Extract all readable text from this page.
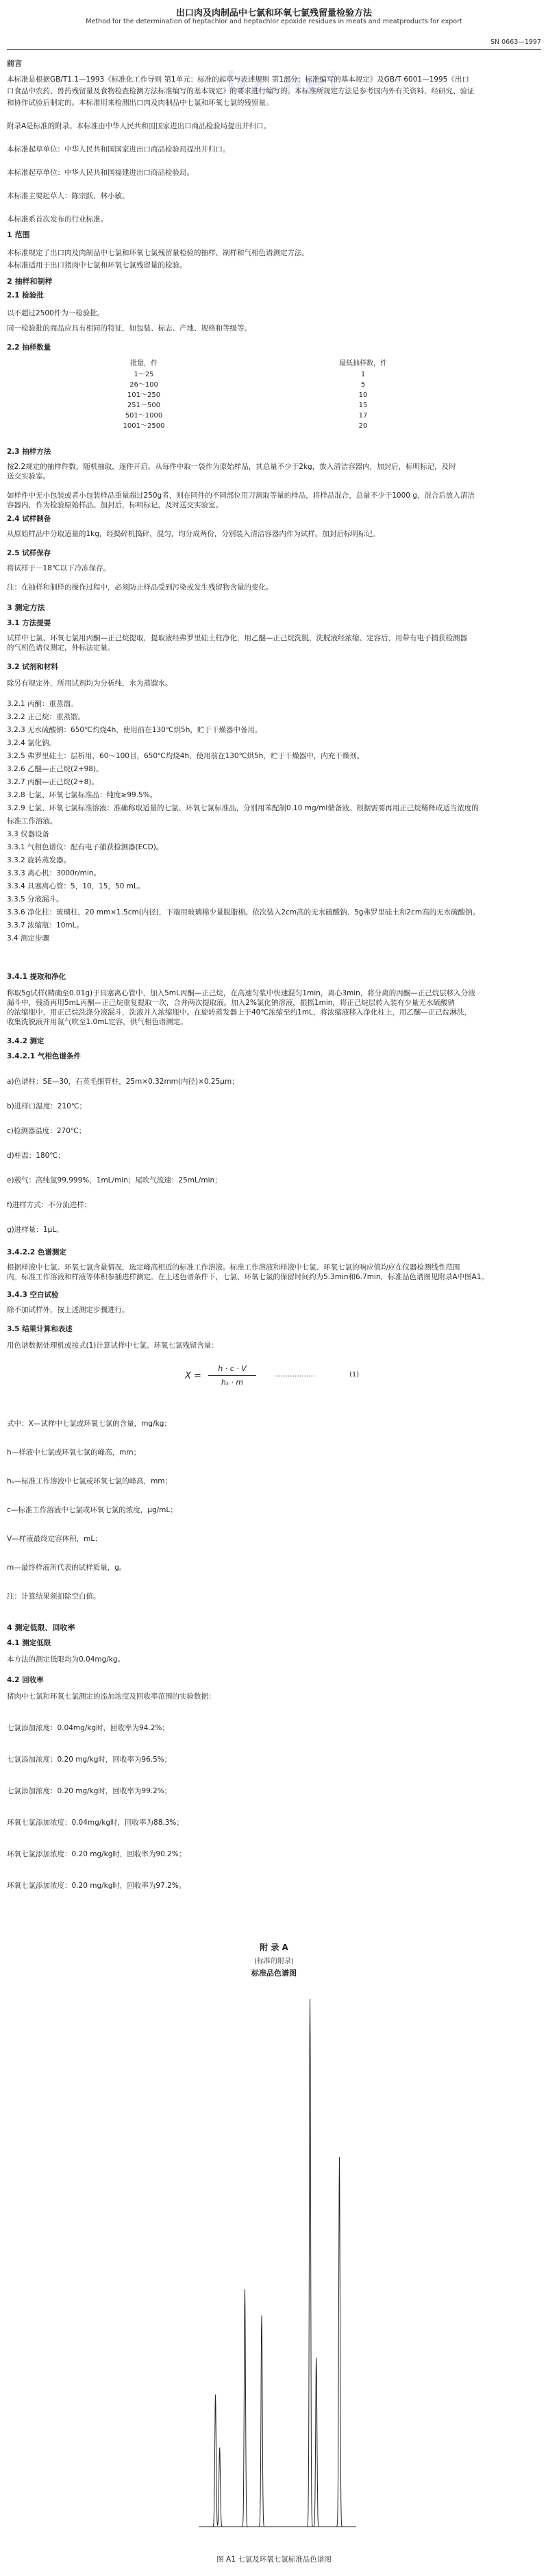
出口肉及肉制品中七氯和环氧七氯残留量检验方法
Method for the determination of heptachlor and heptachlor epoxide residues in meats and meatproducts for export
SN 0663—1997
bz.net
前言

本标准是根据GB/T1.1—1993《标准化工作导则 第1单元：标准的起草与表述规则 第1部分：标准编写的基本规定》及GB/T 6001—1995《出口

口食品中农药、兽药残留量及食物检查检测方法标准编写的基本规定》的要求进行编写的。本标准所规定方法是参考国内外有关资料，经研究、验证

和协作试验后制定的。本标准用来检测出口肉及肉制品中七氯和环氧七氯的残留量。

附录A是标准的附录。本标准由中华人民共和国国家进出口商品检验局提出并归口。

本标准起草单位：中华人民共和国国家进出口商品检验局提出并归口。

本标准起草单位：中华人民共和国福建进出口商品检验局。

本标准主要起草人：陈宗跃、林小敏。

本标准系首次发布的行业标准。

1 范围

本标准规定了出口肉及肉制品中七氯和环氧七氯残留量检验的抽样、制样和气相色谱测定方法。

本标准适用于出口猪肉中七氯和环氧七氯残留量的检验。

2 抽样和制样
2.1 检验批

以不超过2500件为一检验批。

同一检验批的商品应具有相同的特征，如包装、标志、产地、规格和等级等。

2.2 抽样数量
批量，件	最低抽样数，件
1～25	1
26～100	5
101～250	10
251～500	15
501～1000	17
1001～2500	20
2.3 抽样方法

按2.2规定的抽样件数，随机抽取，逐件开启。从每件中取一袋作为原始样品，其总量不少于2kg，放入清洁容器内，加封后，标明标记，及时

送交实验室。

如样件中无小包装或者小包装样品重量超过250g者，则在同件的不同部位用刀割取等量的样品，将样品混合，总量不少于1000 g，混合后放入清洁

容器内，作为检验原始样品。加封后，标明标记，及时送交实验室。

2.4 试样制备

从原始样品中分取适量的1kg，经捣碎机捣碎，混匀，均分成两份，分别装入清洁容器内作为试样。加封后标明标记。

2.5 试样保存

将试样于－18℃以下冷冻保存。

注：在抽样和制样的操作过程中，必须防止样品受到污染或发生残留物含量的变化。

3 测定方法
3.1 方法提要

试样中七氯、环氧七氯用丙酮—正己烷提取，提取液经弗罗里硅土柱净化，用乙醚—正己烷洗脱，洗脱液经浓缩、定容后，用带有电子捕获检测器

的气相色谱仪测定，外标法定量。

3.2 试剂和材料
除另有规定外，所用试剂均为分析纯，水为蒸馏水。

3.2.1 丙酮：重蒸馏。

3.2.2 正己烷：重蒸馏。

3.2.3 无水硫酸钠：650℃灼烧4h，使用前在130℃烘5h，贮于干燥器中备用。

3.2.4 氯化钠。

3.2.5 弗罗里硅土：层析用，60～100目，650℃灼烧4h，使用前在130℃烘5h，贮于干燥器中，内充干燥剂。

3.2.6 乙醚—正己烷(2+98)。

3.2.7 丙酮—正己烷(2+8)。

3.2.8 七氯、环氧七氯标准品：纯度≥99.5%。

3.2.9 七氯、环氧七氯标准溶液：准确称取适量的七氯、环氧七氯标准品，分别用苯配制0.10 mg/ml储备液。根据需要再用正己烷稀释成适当浓度的

标准工作溶液。

3.3 仪器设备

3.3.1 气相色谱仪：配有电子捕获检测器(ECD)。

3.3.2 旋转蒸发器。

3.3.3 离心机：3000r/min。

3.3.4 具塞离心管：5，10，15，50 mL。

3.3.5 分液漏斗。

3.3.6 净化柱：玻璃柱，20 mm×1.5cm(内径)，下端用玻璃棉少量脱脂棉。依次装入2cm高的无水硫酸钠、5g弗罗里硅土和2cm高的无水硫酸钠。

3.3.7 浓缩瓶：10mL。

3.4 测定步骤

3.4.1 提取和净化

称取5g试样(精确至0.01g)于具塞离心管中，加入5mL丙酮—正己烷，在高速匀浆中快速混匀1min，离心3min，将分离的丙酮—正己烷层移入分液

漏斗中，残渣再用5mL丙酮—正己烷重复提取一次，合并两次提取液。加入2%氯化钠溶液，振摇1min，将正己烷层转入装有少量无水硫酸钠

的浓缩瓶中，用正己烷洗涤分液漏斗，洗液并入浓缩瓶中。在旋转蒸发器上于40℃浓缩至约1mL，将浓缩液移入净化柱上，用乙醚—正己烷淋洗，

收集洗脱液并用氮气吹至1.0mL定容，供气相色谱测定。

3.4.2 测定
3.4.2.1 气相色谱条件

a)色谱柱：SE—30，石英毛细管柱，25m×0.32mm(内径)×0.25μm；

b)进样口温度：210℃；

c)检测器温度：270℃；

d)柱温：180℃；

e)载气：高纯氮99.999%，1mL/min；尾吹气流速：25mL/min；

f)进样方式：不分流进样；

g)进样量：1μL。

3.4.2.2 色谱测定

根据样液中七氯、环氧七氯含量情况，选定峰高相近的标准工作溶液。标准工作溶液和样液中七氯、环氧七氯的响应值均应在仪器检测线性范围

内。标准工作溶液和样液等体积参插进样测定。在上述色谱条件下，七氯、环氧七氯的保留时间约为5.3min和6.7min，标准品色谱图见附录A中图A1。

3.4.3 空白试验

除不加试样外，按上述测定步骤进行。

3.5 结果计算和表述
用色谱数据处理机或按式(1)计算试样中七氯、环氧七氯残留含量：
X =
h · c · V
hₛ · m
………………	(1)

式中：X—试样中七氯或环氧七氯的含量，mg/kg；

h—样液中七氯或环氧七氯的峰高，mm；

hₛ—标准工作溶液中七氯或环氧七氯的峰高，mm；

c—标准工作溶液中七氯或环氧七氯的浓度，μg/mL；

V—样液最终定容体积，mL；

m—最终样液所代表的试样质量，g。

注：计算结果须扣除空白值。

4 测定低限、回收率
4.1 测定低限

本方法的测定低限均为0.04mg/kg。

4.2 回收率
猪肉中七氯和环氧七氯测定的添加浓度及回收率范围的实验数据：

七氯添加浓度：0.04mg/kg时，回收率为94.2%；

七氯添加浓度：0.20 mg/kg时，回收率为96.5%；

七氯添加浓度：0.20 mg/kg时，回收率为99.2%；

环氧七氯添加浓度：0.04mg/kg时，回收率为88.3%；

环氧七氯添加浓度：0.20 mg/kg时，回收率为90.2%；

环氧七氯添加浓度：0.20 mg/kg时，回收率为97.2%。

附 录 A
(标准的附录)
标准品色谱图
图 A1 七氯及环氧七氯标准品色谱图
